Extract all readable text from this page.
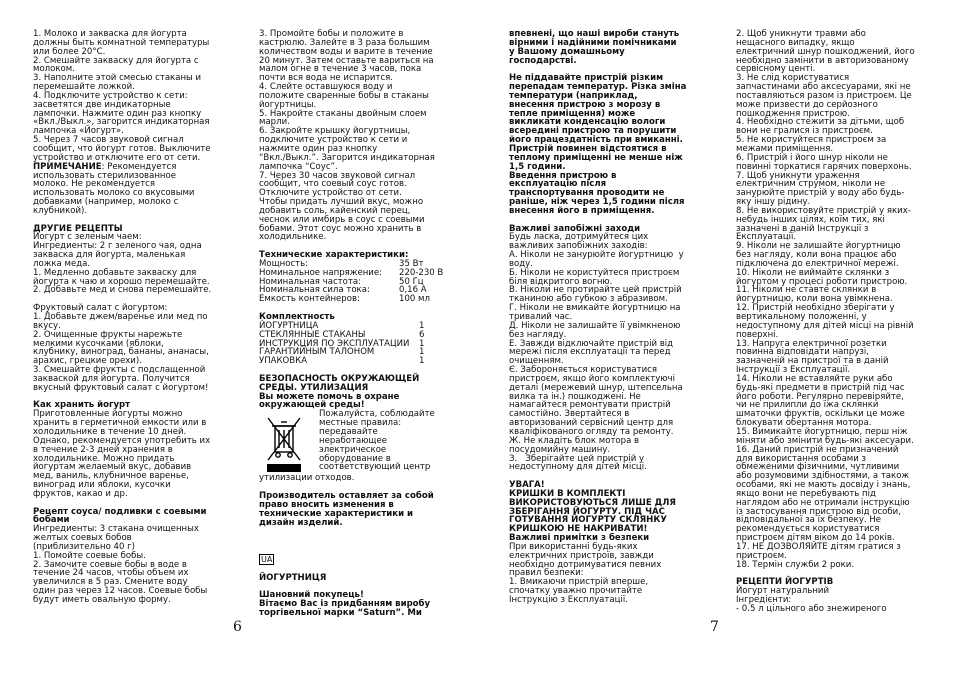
1. Молоко и закваска для йогурта
должны быть комнатной температуры
или более 20°С.
2. Смешайте закваску для йогурта с
молоком.
3. Наполните этой смесью стаканы и
перемешайте ложкой.
4. Подключите устройство к сети:
засветятся две индикаторные
лампочки. Нажмите один раз кнопку
«Вкл./Выкл.», загорится индикаторная
лампочка «Йогурт».
5. Через 7 часов звуковой сигнал
сообщит, что йогурт готов. Выключите
устройство и отключите его от сети.
ПРИМЕЧАНИЕ: Рекомендуется
использовать стерилизованное
молоко. Не рекомендуется
использовать молоко со вкусовыми
добавками (например, молоко с
клубникой).
ДРУГИЕ РЕЦЕПТЫ
Йогурт с зеленым чаем:
Ингредиенты: 2 г зеленого чая, одна
закваска для йогурта, маленькая
ложка меда.
1. Медленно добавьте закваску для
йогурта к чаю и хорошо перемешайте.
2. Добавьте мед и снова перемешайте.
Фруктовый салат с йогуртом:
1. Добавьте джем/варенье или мед по
вкусу.
2. Очищенные фрукты нарежьте
мелкими кусочками (яблоки,
клубнику, виноград, бананы, ананасы,
арахис, грецкие орехи).
3. Смешайте фрукты с подслащенной
закваской для йогурта. Получится
вкусный фруктовый салат с йогуртом!
Как хранить йогурт
Приготовленные йогурты можно
хранить в герметичной емкости или в
холодильнике в течение 10 дней.
Однако, рекомендуется употребить их
в течение 2-3 дней хранения в
холодильнике. Можно придать
йогуртам желаемый вкус, добавив
мед, ваниль, клубничное варенье,
виноград или яблоки, кусочки
фруктов, какао и др.
Рецепт соуса/ подливки с соевыми
бобами
Ингредиенты: 3 стакана очищенных
желтых соевых бобов
(приблизительно 40 г)
1. Помойте соевые бобы.
2. Замочите соевые бобы в воде в
течение 24 часов, чтобы объем их
увеличился в 5 раз. Смените воду
один раз через 12 часов. Соевые бобы
будут иметь овальную форму.
3. Промойте бобы и положите в
кастрюлю. Залейте в 3 раза большим
количеством воды и варите в течение
20 минут. Затем оставьте вариться на
малом огне в течение 3 часов, пока
почти вся вода не испарится.
4. Слейте оставшуюся воду и
положите сваренные бобы в стаканы
йогуртницы.
5. Накройте стаканы двойным слоем
марли.
6. Закройте крышку йогуртницы,
подключите устройство к сети и
нажмите один раз кнопку
“Вкл./Выкл.”. Загорится индикаторная
лампочка “Соус”.
7. Через 30 часов звуковой сигнал
сообщит, что соевый соус готов.
Отключите устройство от сети.
Чтобы придать лучший вкус, можно
добавить соль, кайенский перец,
чеснок или имбирь в соус с соевыми
бобами. Этот соус можно хранить в
холодильнике.
Технические характеристики:
Мощность:	35 Вт
Номинальное напряжение:	220-230 В
Номинальная частота:	50 Гц
Номинальная сила тока:	0,16 А
Емкость контейнеров:	100 мл
Комплектность
ЙОГУРТНИЦА	1
СТЕКЛЯННЫЕ СТАКАНЫ	6
ИНСТРУКЦИЯ ПО ЭКСПЛУАТАЦИИ	1
ГАРАНТИЙНЫМ ТАЛОНОМ	1
УПАКОВКА	1
БЕЗОПАСНОСТЬ ОКРУЖАЮЩЕЙ
СРЕДЫ. УТИЛИЗАЦИЯ
Вы можете помочь в охране
окружающей среды!
Пожалуйста, соблюдайте
местные правила:
передавайте
неработающее
электрическое
оборудование в
соответствующий центр
утилизации отходов.
Производитель оставляет за собой
право вносить изменения в
технические характеристики и
дизайн изделий.
UA
ЙОГУРТНИЦЯ
Шановний покупець!
Вітаємо Вас із придбанням виробу
торгівельної марки “Saturn”. Ми
впевнені, що наші вироби стануть
вірними і надійними помічниками
у Вашому домашньому
господарстві.
Не піддавайте пристрій різким
перепадам температур. Різка зміна
температури (наприклад,
внесення пристрою з морозу в
тепле приміщення) може
викликати конденсацію вологи
всередині пристрою та порушити
його працездатність при вмиканні.
Пристрій повинен відстоятися в
теплому приміщенні не менше ніж
1,5 години.
Введення пристрою в
експлуатацію після
транспортування проводити не
раніше, ніж через 1,5 години після
внесення його в приміщення.
Важливі запобіжні заходи
Будь ласка, дотримуйтеся цих
важливих запобіжних заходів:
А. Ніколи не занурюйте йогуртницю  у
воду.
Б. Ніколи не користуйтеся пристроєм
біля відкритого вогню.
В. Ніколи не протирайте цей пристрій
тканиною або губкою з абразивом.
Г. Ніколи не вмикайте йогуртницю на
тривалий час.
Д. Ніколи не залишайте її увімкненою
без нагляду.
Е. Завжди відключайте пристрій від
мережі після експлуатації та перед
очищенням.
Є. Забороняється користуватися
пристроєм, якщо його комплектуючі
деталі (мережевий шнур, штепсельна
вилка та ін.) пошкоджені. Не
намагайтеся ремонтувати пристрій
самостійно. Звертайтеся в
авторизований сервісний центр для
кваліфікованого огляду та ремонту.
Ж. Не кладіть блок мотора в
посудомийну машину.
З.   Зберігайте цей пристрій у
недоступному для дітей місці.
УВАГА!
КРИШКИ В КОМПЛЕКТІ
ВИКОРИСТОВУЮТЬСЯ ЛИШЕ ДЛЯ
ЗБЕРІГАННЯ ЙОГУРТУ. ПІД ЧАС
ГОТУВАННЯ ЙОГУРТУ СКЛЯНКУ
КРИШКОЮ НЕ НАКРИВАТИ!
Важливі примітки з безпеки
При використанні будь-яких
електричних пристроїв, завжди
необхідно дотримуватися певних
правил безпеки:
1. Вмикаючи пристрій вперше,
спочатку уважно прочитайте
Інструкцію з Експлуатації.
2. Щоб уникнути травми або
нещасного випадку, якщо
електричний шнур пошкоджений, його
необхідно замінити в авторизованому
сервісному центі.
3. Не слід користуватися
запчастинами або аксесуарами, які не
поставляються разом із пристроєм. Це
може призвести до серйозного
пошкодження пристрою.
4. Необхідно стежити за дітьми, щоб
вони не гралися із пристроєм.
5. Не користуйтеся пристроєм за
межами приміщення.
6. Пристрій і його шнур ніколи не
повинні торкатися гарячих поверхонь.
7. Щоб уникнути ураження
електричним струмом, ніколи не
занурюйте пристрій у воду або будь-
яку іншу рідину.
8. Не використовуйте пристрій у яких-
небудь інших цілях, коїм тих, які
зазначені в даній Інструкції з
Експлуатації.
9. Ніколи не залишайте йогуртницю
без нагляду, коли вона працює або
підключена до електричної мережі.
10. Ніколи не виймайте склянки з
йогуртом у процесі роботи пристрою.
11. Ніколи не ставте склянки в
йогуртницю, коли вона увімкнена.
12. Пристрій необхідно зберігати у
вертикальному положенні, у
недоступному для дітей місці на рівній
поверхні.
13. Напруга електричної розетки
повинна відповідати напрузі,
зазначеній на пристрої та в даній
Інструкції з Експлуатації.
14. Ніколи не вставляйте руки або
будь-які предмети в пристрій під час
його роботи. Регулярно перевіряйте,
чи не прилипли до їжа склянки
шматочки фруктів, оскільки це може
блокувати обертання мотора.
15. Вимикайте йогуртницю, перш ніж
міняти або змінити будь-які аксесуари.
16. Даний пристрій не призначений
для використання особами з
обмеженими фізичними, чутливими
або розумовими здібностями, а також
особами, які не мають досвіду і знань,
якщо вони не перебувають під
наглядом або не отримали інструкцію
із застосування пристрою від особи,
відповідальної за їх безпеку. Не
рекомендується користуватися
пристроєм дітям віком до 14 років.
17. НЕ ДОЗВОЛЯЙТЕ дітям гратися з
пристроєм.
18. Термін служби 2 роки.
РЕЦЕПТИ ЙОГУРТІВ
Йогурт натуральний
Інгредієнти:
- 0.5 л цільного або знежиреного
6	7
